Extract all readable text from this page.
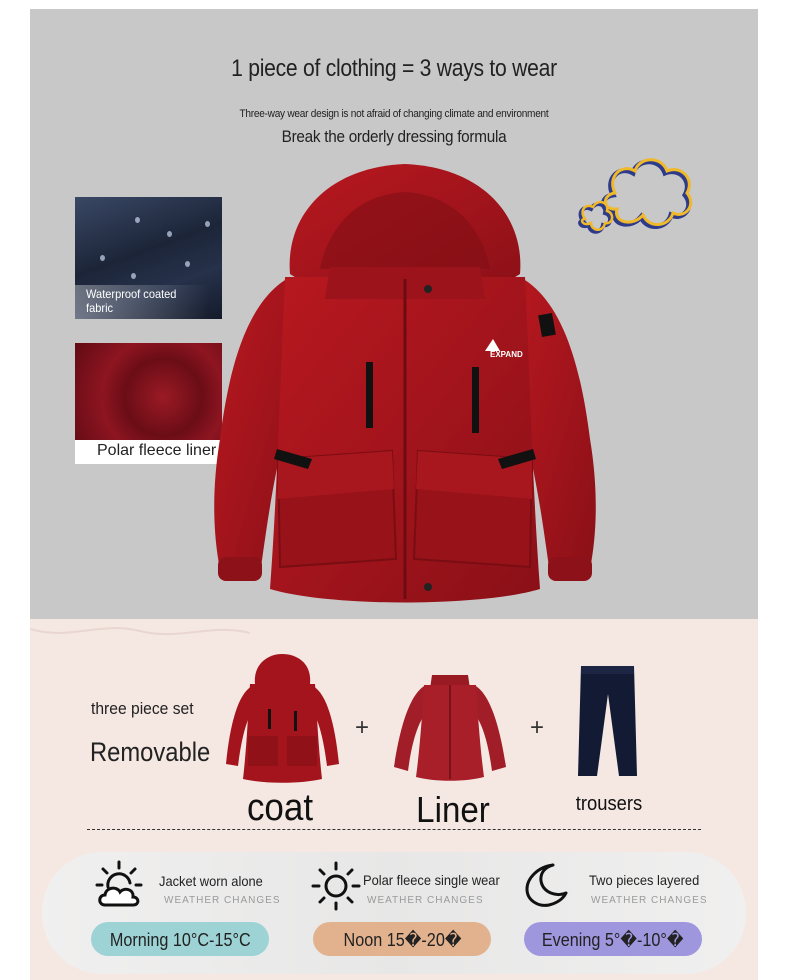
1 piece of clothing = 3 ways to wear
Three-way wear design is not afraid of changing climate and environment
Break the orderly dressing formula
Waterproof coated fabric
Polar fleece liner
EXPAND
three piece set
Removable
+	+
coat	Liner	trousers
Jacket worn alone
WEATHER CHANGES
Polar fleece single wear
WEATHER CHANGES
Two pieces layered
WEATHER CHANGES
Morning 10°C-15°C	Noon 15�-20�	Evening 5°�-10°�
